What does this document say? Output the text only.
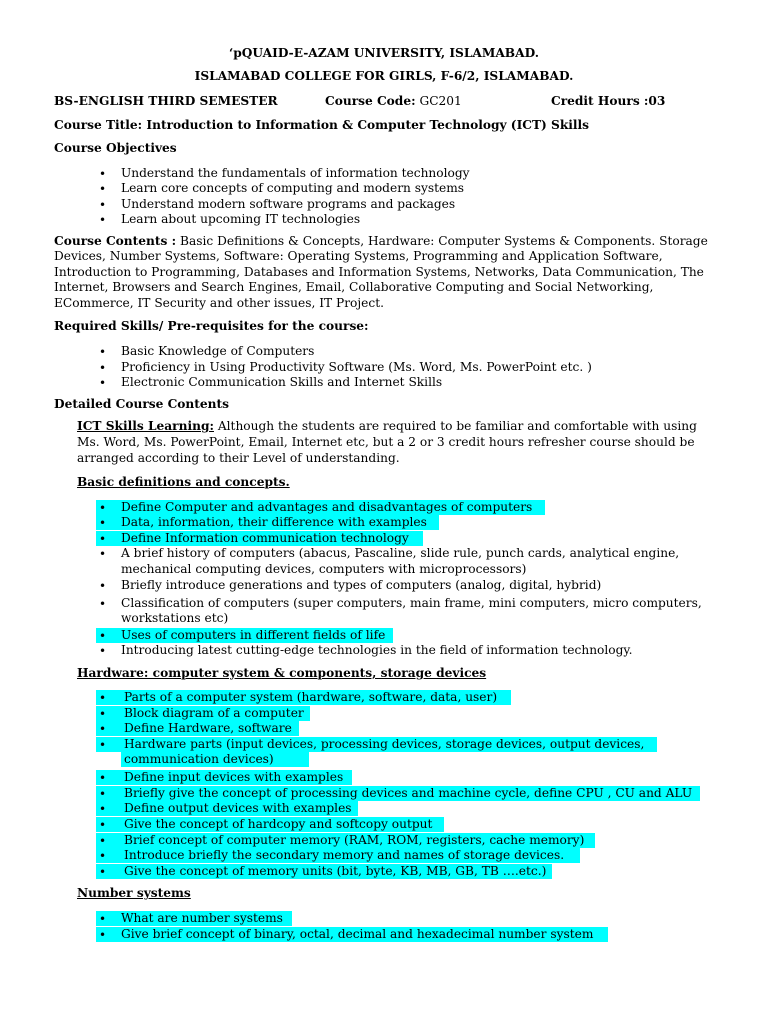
‘pQUAID-E-AZAM UNIVERSITY, ISLAMABAD.
ISLAMABAD COLLEGE FOR GIRLS, F-6/2, ISLAMABAD.
BS-ENGLISH THIRD SEMESTER	Course Code: GC201	Credit Hours :03
Course Title: Introduction to Information & Computer Technology (ICT) Skills
Course Objectives
• Understand the fundamentals of information technology
• Learn core concepts of computing and modern systems
• Understand modern software programs and packages
• Learn about upcoming IT technologies
Course Contents : Basic Definitions & Concepts, Hardware: Computer Systems & Components. Storage
Devices, Number Systems, Software: Operating Systems, Programming and Application Software,
Introduction to Programming, Databases and Information Systems, Networks, Data Communication, The
Internet, Browsers and Search Engines, Email, Collaborative Computing and Social Networking,
ECommerce, IT Security and other issues, IT Project.
Required Skills/ Pre-requisites for the course:
• Basic Knowledge of Computers
• Proficiency in Using Productivity Software (Ms. Word, Ms. PowerPoint etc. )
• Electronic Communication Skills and Internet Skills
Detailed Course Contents
ICT Skills Learning: Although the students are required to be familiar and comfortable with using
Ms. Word, Ms. PowerPoint, Email, Internet etc, but a 2 or 3 credit hours refresher course should be
arranged according to their Level of understanding.
Basic definitions and concepts.
• Define Computer and advantages and disadvantages of computers
• Data, information, their difference with examples
• Define Information communication technology
• A brief history of computers (abacus, Pascaline, slide rule, punch cards, analytical engine,
mechanical computing devices, computers with microprocessors)
• Briefly introduce generations and types of computers (analog, digital, hybrid)
• Classification of computers (super computers, main frame, mini computers, micro computers,
workstations etc)
• Uses of computers in different fields of life
• Introducing latest cutting-edge technologies in the field of information technology.
Hardware: computer system & components, storage devices
• Parts of a computer system (hardware, software, data, user)
• Block diagram of a computer
• Define Hardware, software
• Hardware parts (input devices, processing devices, storage devices, output devices,
communication devices)
• Define input devices with examples
• Briefly give the concept of processing devices and machine cycle, define CPU , CU and ALU
• Define output devices with examples
• Give the concept of hardcopy and softcopy output
• Brief concept of computer memory (RAM, ROM, registers, cache memory)
• Introduce briefly the secondary memory and names of storage devices.
• Give the concept of memory units (bit, byte, KB, MB, GB, TB ….etc.)
Number systems
• What are number systems
• Give brief concept of binary, octal, decimal and hexadecimal number system
